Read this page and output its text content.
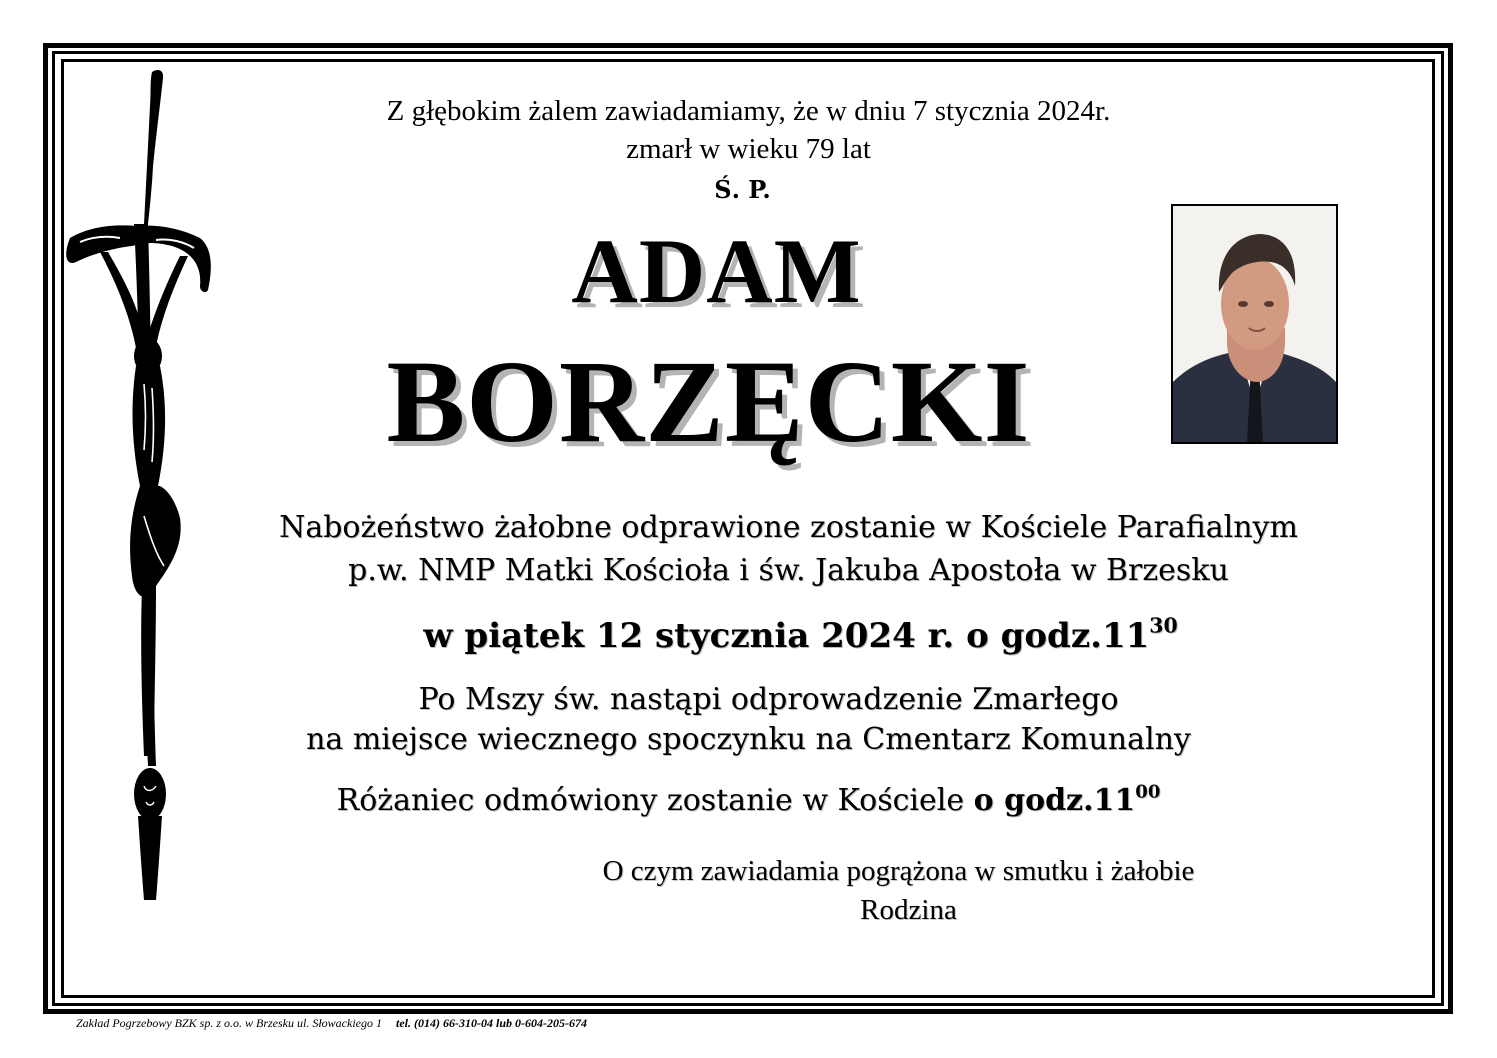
Z głębokim żalem zawiadamiamy, że w dniu 7 stycznia 2024r.
zmarł w wieku 79 lat
Ś. P.
ADAM
BORZĘCKI
Nabożeństwo żałobne odprawione zostanie w Kościele Parafialnym
p.w. NMP Matki Kościoła i św. Jakuba Apostoła w Brzesku
w piątek 12 stycznia 2024 r. o $godz.11^{30}$
Po Mszy św. nastąpi odprowadzenie Zmarłego
na miejsce wiecznego spoczynku na Cmentarz Komunalny
Różaniec odmówiony zostanie w Kościele o $godz.11^{00}$
O czym zawiadamia pogrążona w smutku i żałobie
Rodzina
Zakład Pogrzebowy BZK sp. z o.o. w Brzesku ul. Słowackiego 1 tel. (014) 66-310-04 lub 0-604-205-674
